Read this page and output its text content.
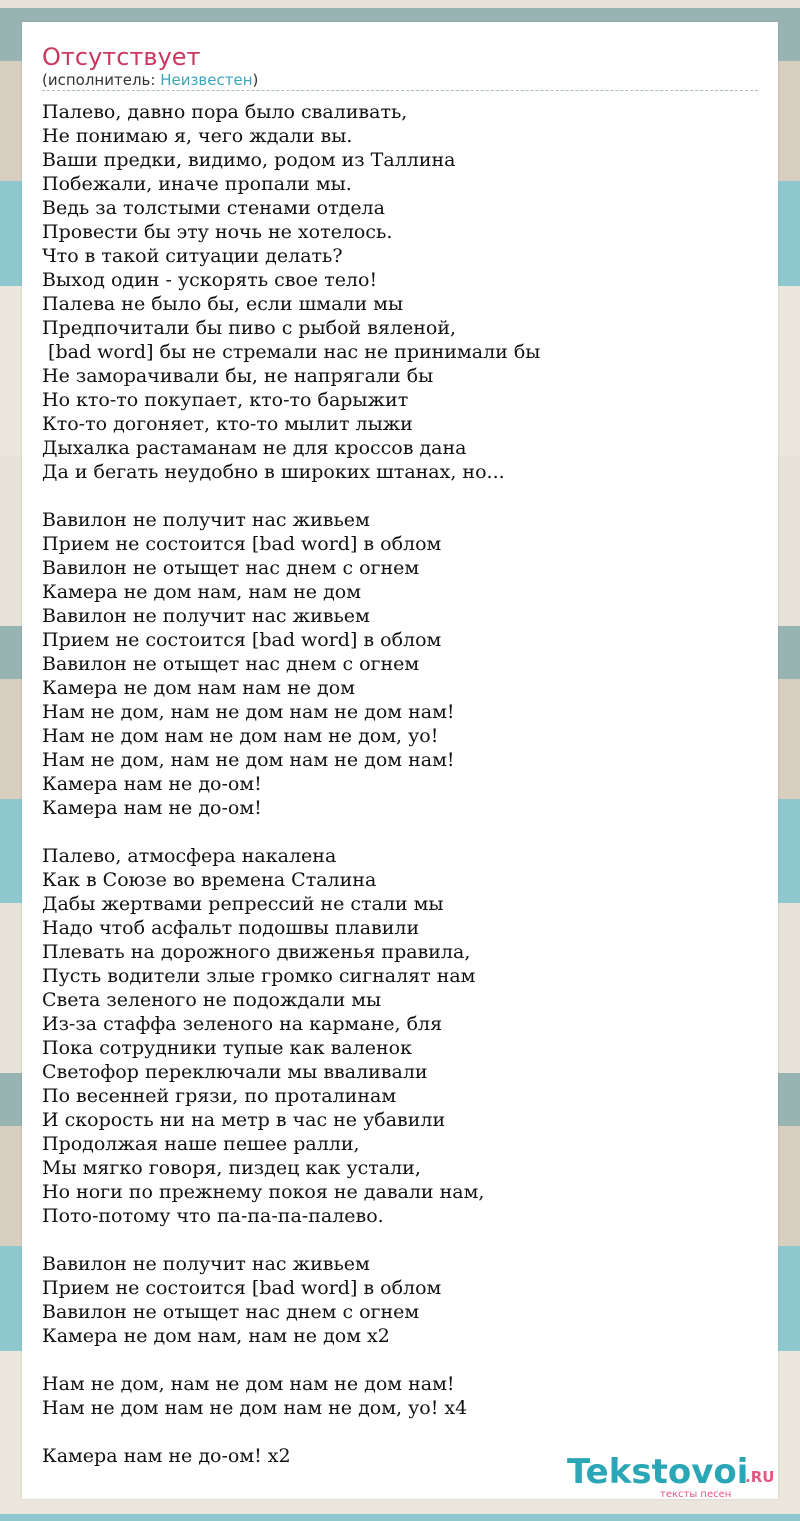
Отсутствует
(исполнитель: Неизвестен)
Палево, давно пора было сваливать,
Не понимаю я, чего ждали вы.
Ваши предки, видимо, родом из Таллина
Побежали, иначе пропали мы.
Ведь за толстыми стенами отдела
Провести бы эту ночь не хотелось.
Что в такой ситуации делать?
Выход один - ускорять свое тело!
Палева не было бы, если шмали мы
Предпочитали бы пиво с рыбой вяленой,
[bad word] бы не стремали нас не принимали бы
Не заморачивали бы, не напрягали бы
Но кто-то покупает, кто-то барыжит
Кто-то догоняет, кто-то мылит лыжи
Дыхалка растаманам не для кроссов дана
Да и бегать неудобно в широких штанах, но...

Вавилон не получит нас живьем
Прием не состоится [bad word] в облом
Вавилон не отыщет нас днем с огнем
Камера не дом нам, нам не дом
Вавилон не получит нас живьем
Прием не состоится [bad word] в облом
Вавилон не отыщет нас днем с огнем
Камера не дом нам нам не дом
Нам не дом, нам не дом нам не дом нам!
Нам не дом нам не дом нам не дом, уо!
Нам не дом, нам не дом нам не дом нам!
Камера нам не до-ом!
Камера нам не до-ом!

Палево, атмосфера накалена
Как в Союзе во времена Сталина
Дабы жертвами репрессий не стали мы
Надо чтоб асфальт подошвы плавили
Плевать на дорожного движенья правила,
Пусть водители злые громко сигналят нам
Света зеленого не подождали мы
Из-за стаффа зеленого на кармане, бля
Пока сотрудники тупые как валенок
Светофор переключали мы вваливали
По весенней грязи, по проталинам
И скорость ни на метр в час не убавили
Продолжая наше пешее ралли,
Мы мягко говоря, пиздец как устали,
Но ноги по прежнему покоя не давали нам,
Пото-потому что па-па-па-палево.

Вавилон не получит нас живьем
Прием не состоится [bad word] в облом
Вавилон не отыщет нас днем с огнем
Камера не дом нам, нам не дом x2

Нам не дом, нам не дом нам не дом нам!
Нам не дом нам не дом нам не дом, уо! x4

Камера нам не до-ом! x2	Tekstovoi
.RU
тексты песен
